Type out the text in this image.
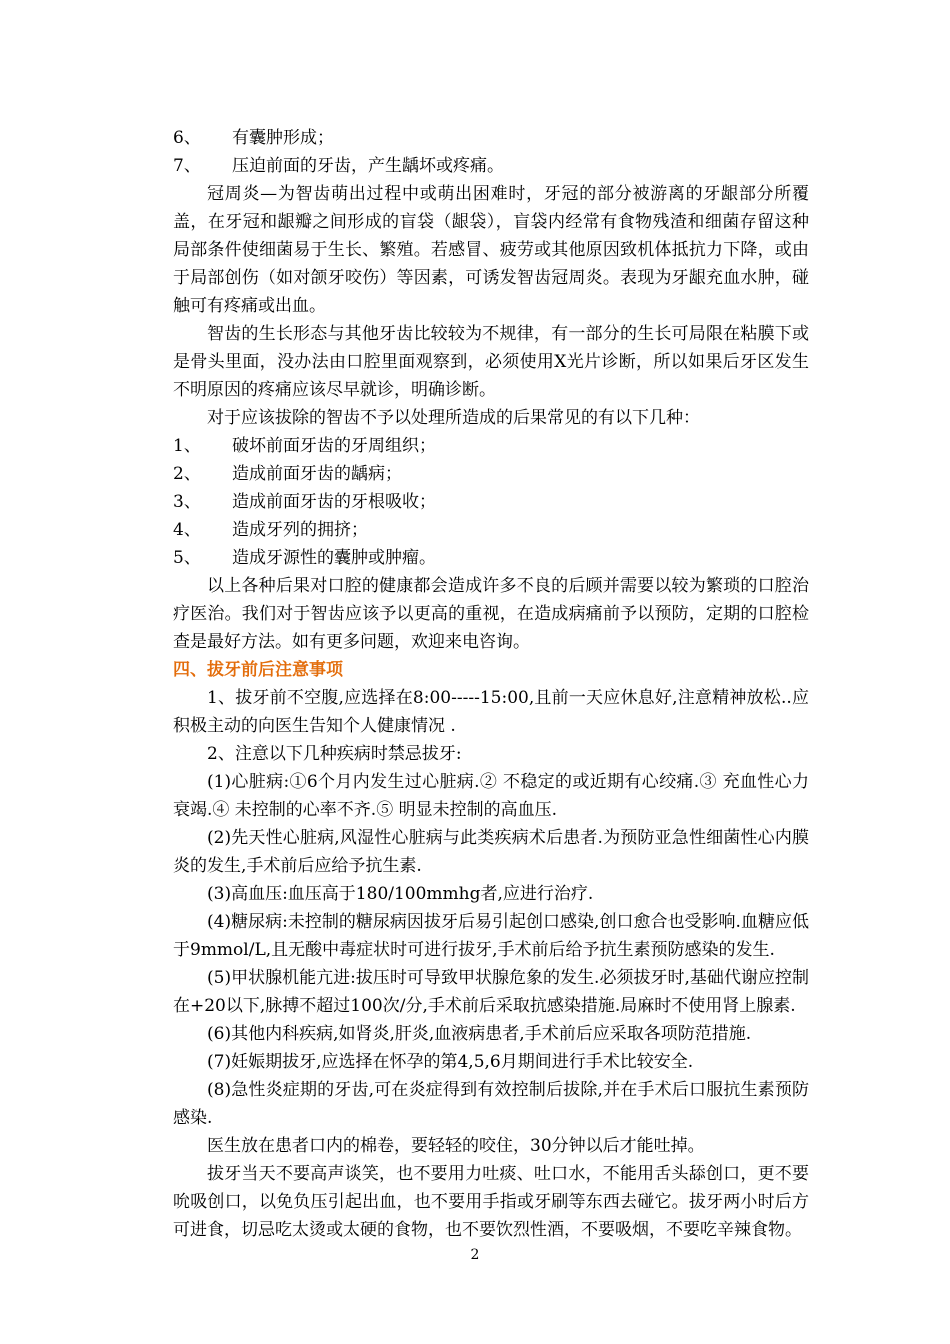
6、 有囊肿形成；

7、 压迫前面的牙齿，产生龋坏或疼痛。

冠周炎—为智齿萌出过程中或萌出困难时，牙冠的部分被游离的牙龈部分所覆盖，在牙冠和龈瓣之间形成的盲袋（龈袋），盲袋内经常有食物残渣和细菌存留这种局部条件使细菌易于生长、繁殖。若感冒、疲劳或其他原因致机体抵抗力下降，或由于局部创伤（如对颌牙咬伤）等因素，可诱发智齿冠周炎。表现为牙龈充血水肿，碰触可有疼痛或出血。

智齿的生长形态与其他牙齿比较较为不规律，有一部分的生长可局限在粘膜下或是骨头里面，没办法由口腔里面观察到，必须使用X光片诊断，所以如果后牙区发生不明原因的疼痛应该尽早就诊，明确诊断。

对于应该拔除的智齿不予以处理所造成的后果常见的有以下几种：

1、 破坏前面牙齿的牙周组织；

2、 造成前面牙齿的龋病；

3、 造成前面牙齿的牙根吸收；

4、 造成牙列的拥挤；

5、 造成牙源性的囊肿或肿瘤。

以上各种后果对口腔的健康都会造成许多不良的后顾并需要以较为繁琐的口腔治疗医治。我们对于智齿应该予以更高的重视，在造成病痛前予以预防，定期的口腔检查是最好方法。如有更多问题，欢迎来电咨询。

四、拔牙前后注意事项

1、拔牙前不空腹,应选择在8:00-----15:00,且前一天应休息好,注意精神放松..应积极主动的向医生告知个人健康情况 .

2、注意以下几种疾病时禁忌拔牙:

(1)心脏病:①6个月内发生过心脏病.② 不稳定的或近期有心绞痛.③ 充血性心力衰竭.④ 未控制的心率不齐.⑤ 明显未控制的高血压.

(2)先天性心脏病,风湿性心脏病与此类疾病术后患者.为预防亚急性细菌性心内膜炎的发生,手术前后应给予抗生素.

(3)高血压:血压高于180/100mmhg者,应进行治疗.

(4)糖尿病:未控制的糖尿病因拔牙后易引起创口感染,创口愈合也受影响.血糖应低于9mmol/L,且无酸中毒症状时可进行拔牙,手术前后给予抗生素预防感染的发生.

(5)甲状腺机能亢进:拔压时可导致甲状腺危象的发生.必须拔牙时,基础代谢应控制在+20以下,脉搏不超过100次/分,手术前后采取抗感染措施.局麻时不使用肾上腺素.

(6)其他内科疾病,如肾炎,肝炎,血液病患者,手术前后应采取各项防范措施.

(7)妊娠期拔牙,应选择在怀孕的第4,5,6月期间进行手术比较安全.

(8)急性炎症期的牙齿,可在炎症得到有效控制后拔除,并在手术后口服抗生素预防感染.

医生放在患者口内的棉卷，要轻轻的咬住，30分钟以后才能吐掉。

拔牙当天不要高声谈笑，也不要用力吐痰、吐口水，不能用舌头舔创口，更不要吮吸创口，以免负压引起出血，也不要用手指或牙刷等东西去碰它。拔牙两小时后方可进食，切忌吃太烫或太硬的食物，也不要饮烈性酒，不要吸烟，不要吃辛辣食物。

2
